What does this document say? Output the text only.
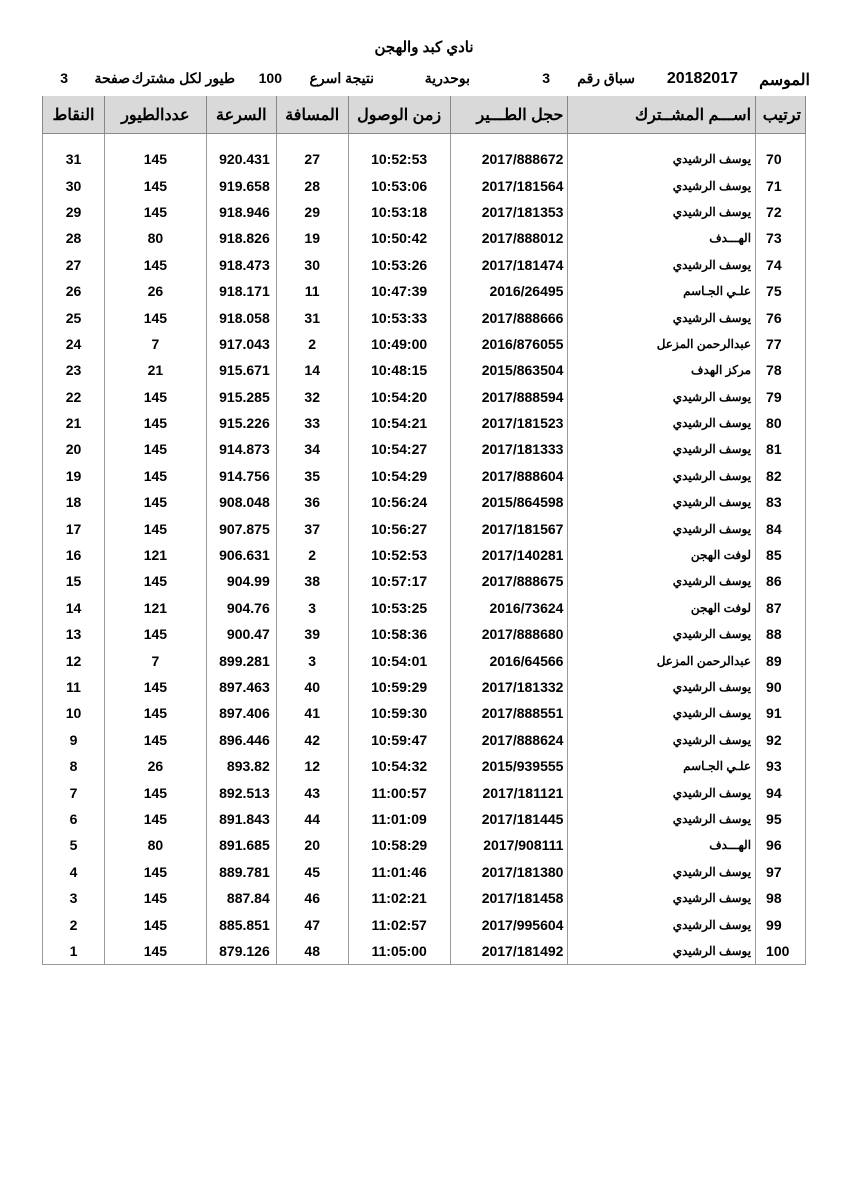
نادي كبد والهجن
الموسم
20182017
سباق رقم
3
بوحدرية
نتيجة اسرع
100
طيور لكل مشترك
صفحة
3
ترتيب	اســـم المشــترك	حجل الطـــير	زمن الوصول	المسافة	السرعة	عددالطيور	النقاط

70	يوسف الرشيدي	2017/888672	10:52:53	27	920.431	145	31
71	يوسف الرشيدي	2017/181564	10:53:06	28	919.658	145	30
72	يوسف الرشيدي	2017/181353	10:53:18	29	918.946	145	29
73	الهـــدف	2017/888012	10:50:42	19	918.826	80	28
74	يوسف الرشيدي	2017/181474	10:53:26	30	918.473	145	27
75	علـي الجـاسم	2016/26495	10:47:39	11	918.171	26	26
76	يوسف الرشيدي	2017/888666	10:53:33	31	918.058	145	25
77	عبدالرحمن المزعل	2016/876055	10:49:00	2	917.043	7	24
78	مركز الهدف	2015/863504	10:48:15	14	915.671	21	23
79	يوسف الرشيدي	2017/888594	10:54:20	32	915.285	145	22
80	يوسف الرشيدي	2017/181523	10:54:21	33	915.226	145	21
81	يوسف الرشيدي	2017/181333	10:54:27	34	914.873	145	20
82	يوسف الرشيدي	2017/888604	10:54:29	35	914.756	145	19
83	يوسف الرشيدي	2015/864598	10:56:24	36	908.048	145	18
84	يوسف الرشيدي	2017/181567	10:56:27	37	907.875	145	17
85	لوفت الهجن	2017/140281	10:52:53	2	906.631	121	16
86	يوسف الرشيدي	2017/888675	10:57:17	38	904.99	145	15
87	لوفت الهجن	2016/73624	10:53:25	3	904.76	121	14
88	يوسف الرشيدي	2017/888680	10:58:36	39	900.47	145	13
89	عبدالرحمن المزعل	2016/64566	10:54:01	3	899.281	7	12
90	يوسف الرشيدي	2017/181332	10:59:29	40	897.463	145	11
91	يوسف الرشيدي	2017/888551	10:59:30	41	897.406	145	10
92	يوسف الرشيدي	2017/888624	10:59:47	42	896.446	145	9
93	علـي الجـاسم	2015/939555	10:54:32	12	893.82	26	8
94	يوسف الرشيدي	2017/181121	11:00:57	43	892.513	145	7
95	يوسف الرشيدي	2017/181445	11:01:09	44	891.843	145	6
96	الهـــدف	2017/908111	10:58:29	20	891.685	80	5
97	يوسف الرشيدي	2017/181380	11:01:46	45	889.781	145	4
98	يوسف الرشيدي	2017/181458	11:02:21	46	887.84	145	3
99	يوسف الرشيدي	2017/995604	11:02:57	47	885.851	145	2
100	يوسف الرشيدي	2017/181492	11:05:00	48	879.126	145	1
